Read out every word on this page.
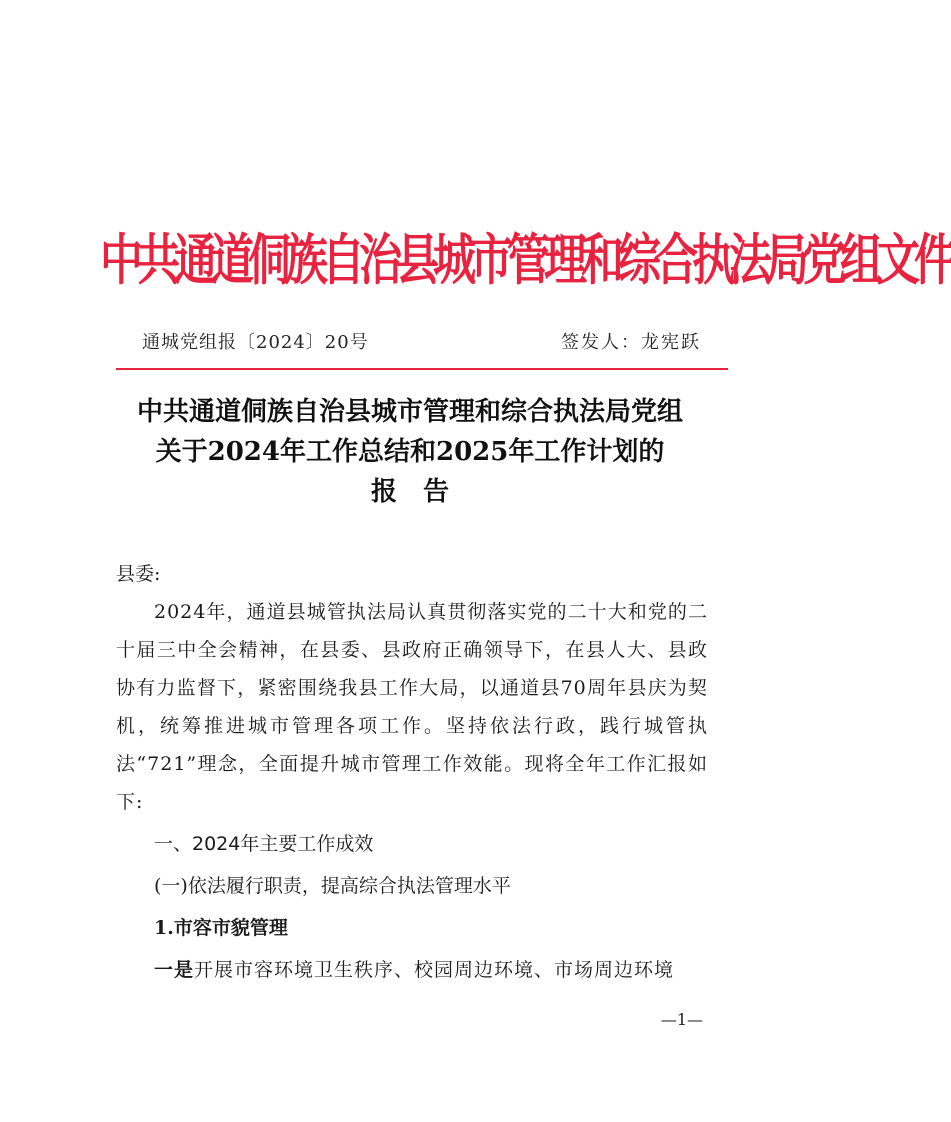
中共通道侗族自治县城市管理和综合执法局党组文件
通城党组报〔2024〕20号	签发人：龙宪跃
中共通道侗族自治县城市管理和综合执法局党组
关于2024年工作总结和2025年工作计划的
报告

县委:

2024年，通道县城管执法局认真贯彻落实党的二十大和党的二十届三中全会精神，在县委、县政府正确领导下，在县人大、县政协有力监督下，紧密围绕我县工作大局，以通道县70周年县庆为契机，统筹推进城市管理各项工作。坚持依法行政，践行城管执法“721”理念，全面提升城市管理工作效能。现将全年工作汇报如下:

一、2024年主要工作成效

(一)依法履行职责，提高综合执法管理水平

1.市容市貌管理

一是开展市容环境卫生秩序、校园周边环境、市场周边环境

—1—
